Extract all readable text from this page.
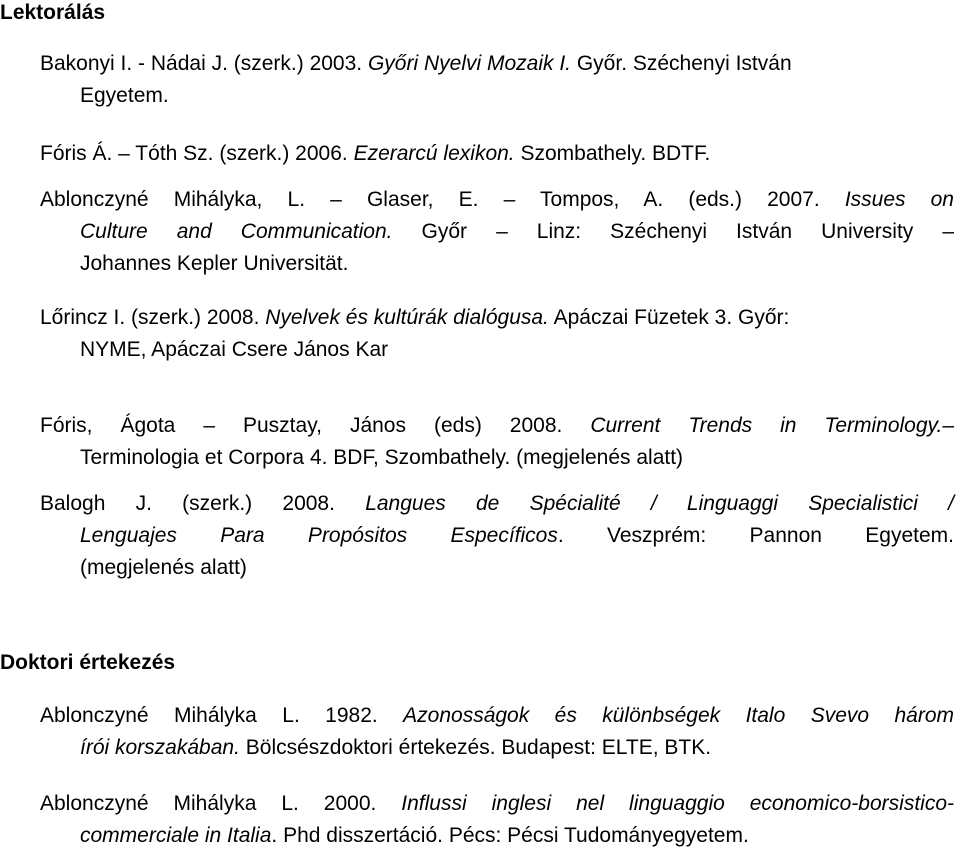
Lektorálás
Bakonyi I. - Nádai J. (szerk.) 2003. Győri Nyelvi Mozaik I. Győr. Széchenyi István
Egyetem.
Fóris Á. – Tóth Sz. (szerk.) 2006. Ezerarcú lexikon. Szombathely. BDTF.
Ablonczyné Mihályka, L. – Glaser, E. – Tompos, A. (eds.) 2007. Issues on
Culture and Communication. Győr – Linz: Széchenyi István University –
Johannes Kepler Universität.
Lőrincz I. (szerk.) 2008. Nyelvek és kultúrák dialógusa. Apáczai Füzetek 3. Győr:
NYME, Apáczai Csere János Kar
Fóris, Ágota – Pusztay, János (eds) 2008. Current Trends in Terminology.–
Terminologia et Corpora 4. BDF, Szombathely. (megjelenés alatt)
Balogh J. (szerk.) 2008. Langues de Spécialité / Linguaggi Specialistici /
Lenguajes Para Propósitos Específicos. Veszprém: Pannon Egyetem.
(megjelenés alatt)
Doktori értekezés
Ablonczyné Mihályka L. 1982. Azonosságok és különbségek Italo Svevo három
írói korszakában. Bölcsészdoktori értekezés. Budapest: ELTE, BTK.
Ablonczyné Mihályka L. 2000. Influssi inglesi nel linguaggio economico-borsistico-
commerciale in Italia. Phd disszertáció. Pécs: Pécsi Tudományegyetem.
